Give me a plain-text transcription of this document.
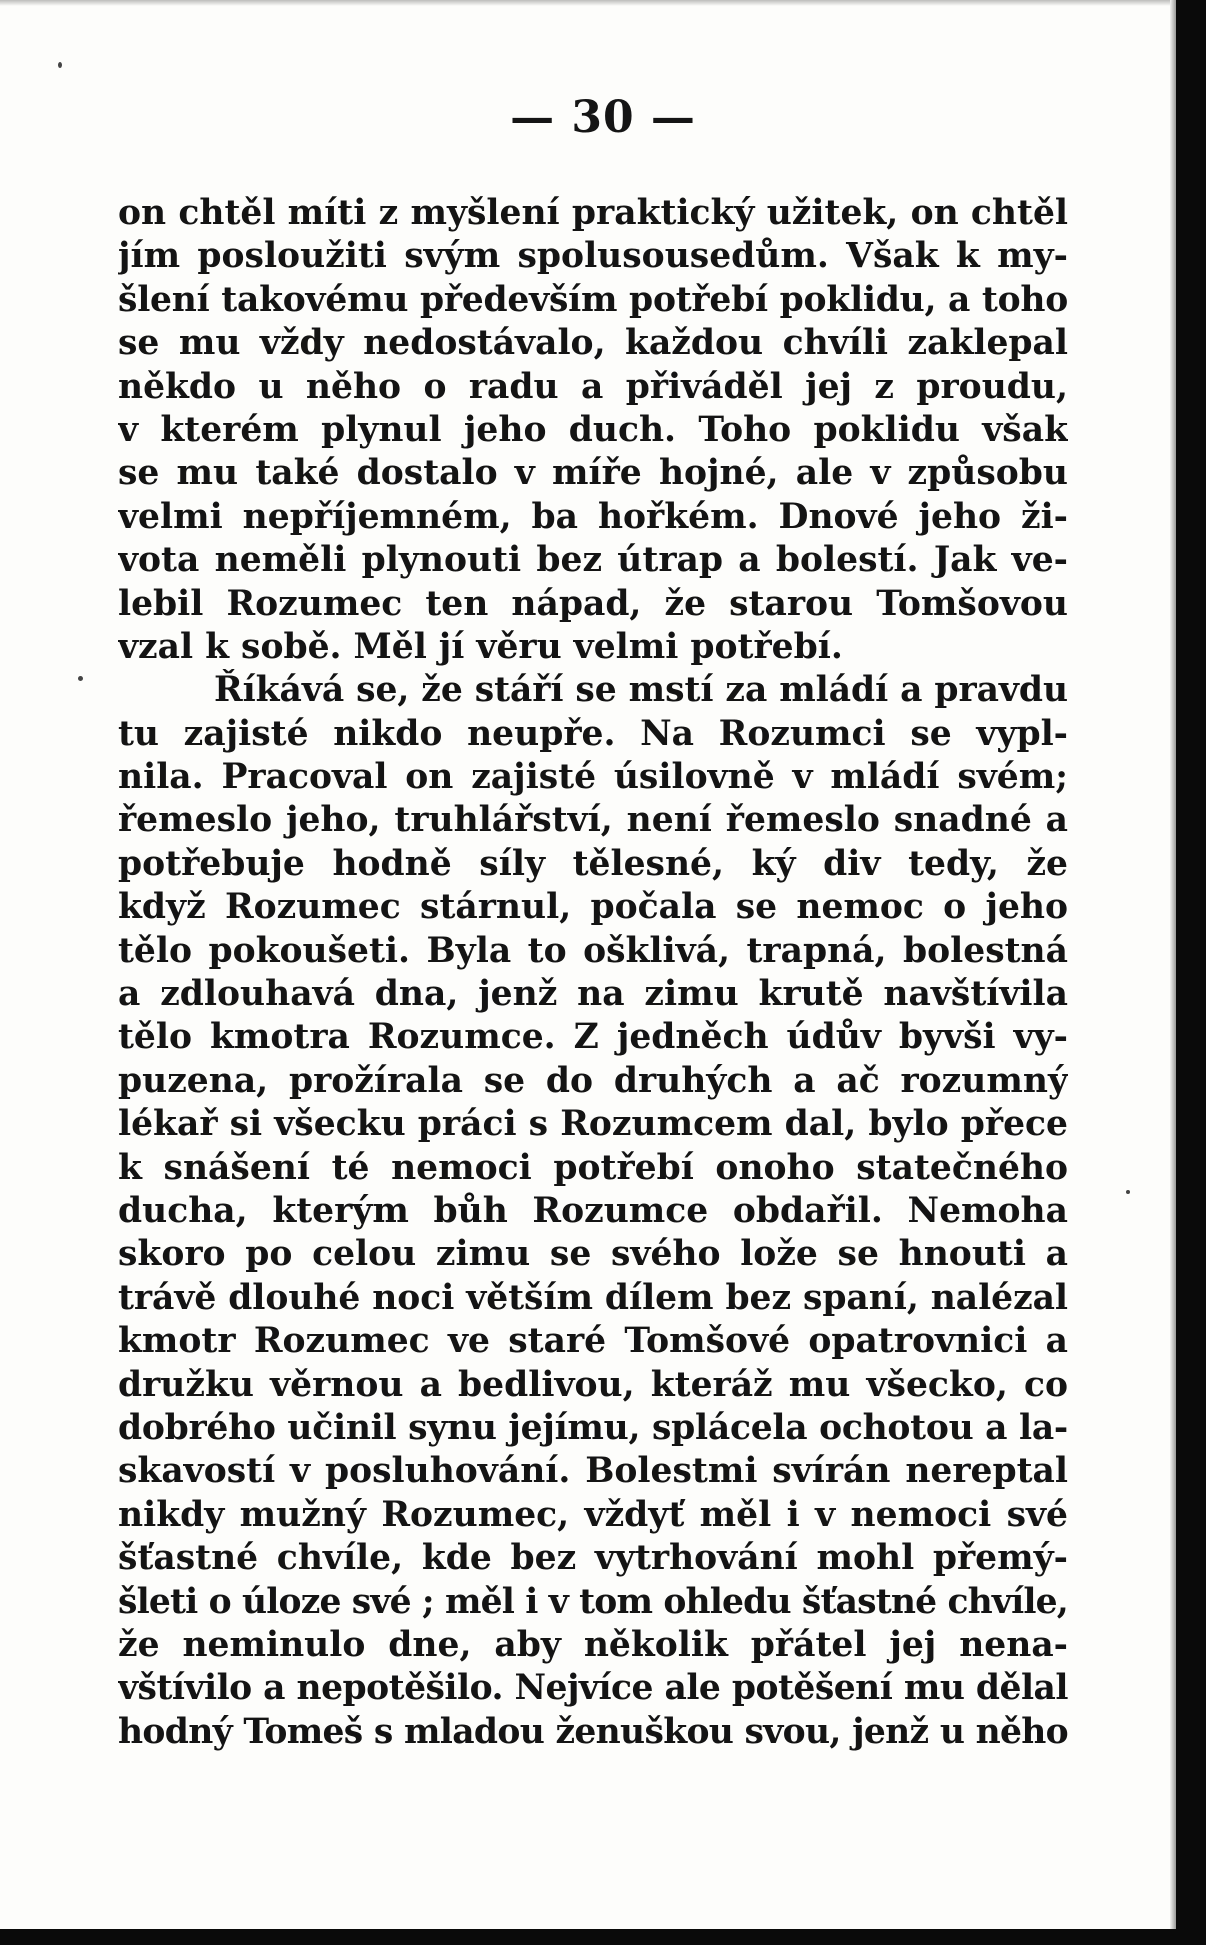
— 30 —
on chtěl míti z myšlení praktický užitek, on chtěl
jím posloužiti svým spolusousedům. Však k my-
šlení takovému především potřebí poklidu, a toho
se mu vždy nedostávalo, každou chvíli zaklepal
někdo u něho o radu a přiváděl jej z proudu,
v kterém plynul jeho duch. Toho poklidu však
se mu také dostalo v míře hojné, ale v způsobu
velmi nepříjemném, ba hořkém. Dnové jeho ži-
vota neměli plynouti bez útrap a bolestí. Jak ve-
lebil Rozumec ten nápad, že starou Tomšovou
vzal k sobě. Měl jí věru velmi potřebí.
Říkává se, že stáří se mstí za mládí a pravdu
tu zajisté nikdo neupře. Na Rozumci se vypl-
nila. Pracoval on zajisté úsilovně v mládí svém;
řemeslo jeho, truhlářství, není řemeslo snadné a
potřebuje hodně síly tělesné, ký div tedy, že
když Rozumec stárnul, počala se nemoc o jeho
tělo pokoušeti. Byla to ošklivá, trapná, bolestná
a zdlouhavá dna, jenž na zimu krutě navštívila
tělo kmotra Rozumce. Z jedněch údův byvši vy-
puzena, prožírala se do druhých a ač rozumný
lékař si všecku práci s Rozumcem dal, bylo přece
k snášení té nemoci potřebí onoho statečného
ducha, kterým bůh Rozumce obdařil. Nemoha
skoro po celou zimu se svého lože se hnouti a
trávě dlouhé noci větším dílem bez spaní, nalézal
kmotr Rozumec ve staré Tomšové opatrovnici a
družku věrnou a bedlivou, kteráž mu všecko, co
dobrého učinil synu jejímu, splácela ochotou a la-
skavostí v posluhování. Bolestmi svírán nereptal
nikdy mužný Rozumec, vždyť měl i v nemoci své
šťastné chvíle, kde bez vytrhování mohl přemý-
šleti o úloze své ; měl i v tom ohledu šťastné chvíle,
že neminulo dne, aby několik přátel jej nena-
vštívilo a nepotěšilo. Nejvíce ale potěšení mu dělal
hodný Tomeš s mladou ženuškou svou, jenž u něho
